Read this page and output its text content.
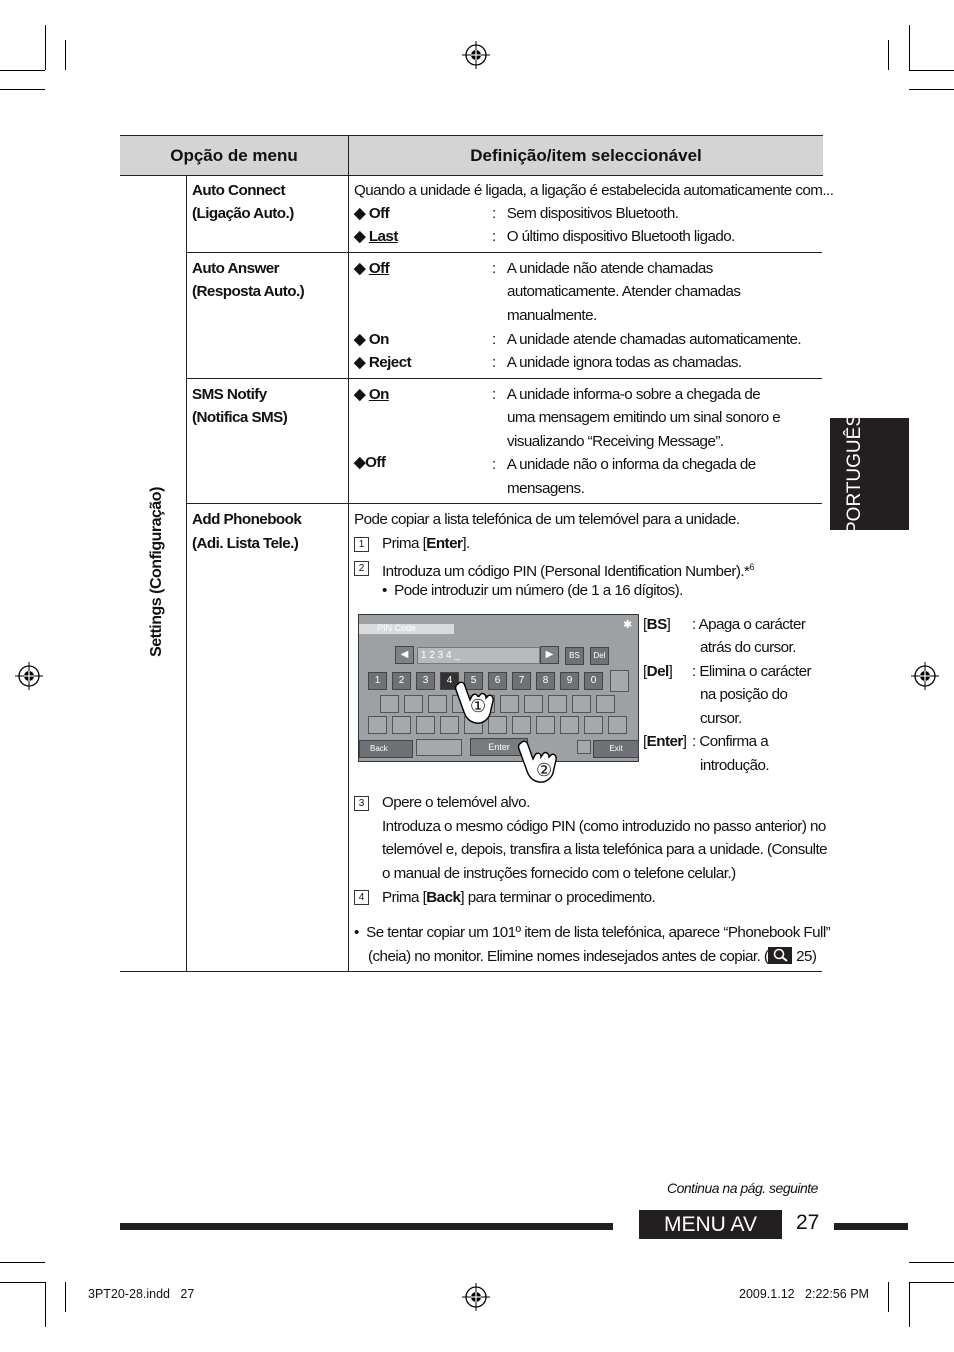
Opção de menu	Definição/item seleccionável
Settings (Configuração)
Auto Connect
(Ligação Auto.)
Quando a unidade é ligada, a ligação é estabelecida automaticamente com...
◆ Off	:   Sem dispositivos Bluetooth.
◆ Last	:   O último dispositivo Bluetooth ligado.
Auto Answer
(Resposta Auto.)
◆ Off	:   A unidade não atende chamadas
automaticamente. Atender chamadas
manualmente.
◆ On	:   A unidade atende chamadas automaticamente.
◆ Reject	:   A unidade ignora todas as chamadas.
SMS Notify
(Notifica SMS)
◆ On	:   A unidade informa-o sobre a chegada de
uma mensagem emitindo um sinal sonoro e
visualizando “Receiving Message”.
◆Off	:   A unidade não o informa da chegada de
mensagens.
Add Phonebook
(Adi. Lista Tele.)
Pode copiar a lista telefónica de um telemóvel para a unidade.
1	Prima [Enter].
2	Introduza um código PIN (Personal Identification Number).*$^6$
•  Pode introduzir um número (de 1 a 16 dígitos).
PIN Code	✱
◀	1 2 3 4 _	▶	BS	Del
1	2	3	4	5	6	7	8	9	0
Back	Enter	Exit
①
②
[BS] : Apaga o carácter
atrás do cursor.
[Del] : Elimina o carácter
na posição do
cursor.
[Enter] : Confirma a
introdução.
3	Opere o telemóvel alvo.
Introduza o mesmo código PIN (como introduzido no passo anterior) no
telemóvel e, depois, transfira a lista telefónica para a unidade. (Consulte
o manual de instruções fornecido com o telefone celular.)
4	Prima [Back] para terminar o procedimento.
•  Se tentar copiar um 101º item de lista telefónica, aparece “Phonebook Full”
(cheia) no monitor. Elimine nomes indesejados antes de copiar. ( 25)
PORTUGUÊS
Continua na pág. seguinte
MENU AV	27
3PT20-28.indd   27	2009.1.12   2:22:56 PM
